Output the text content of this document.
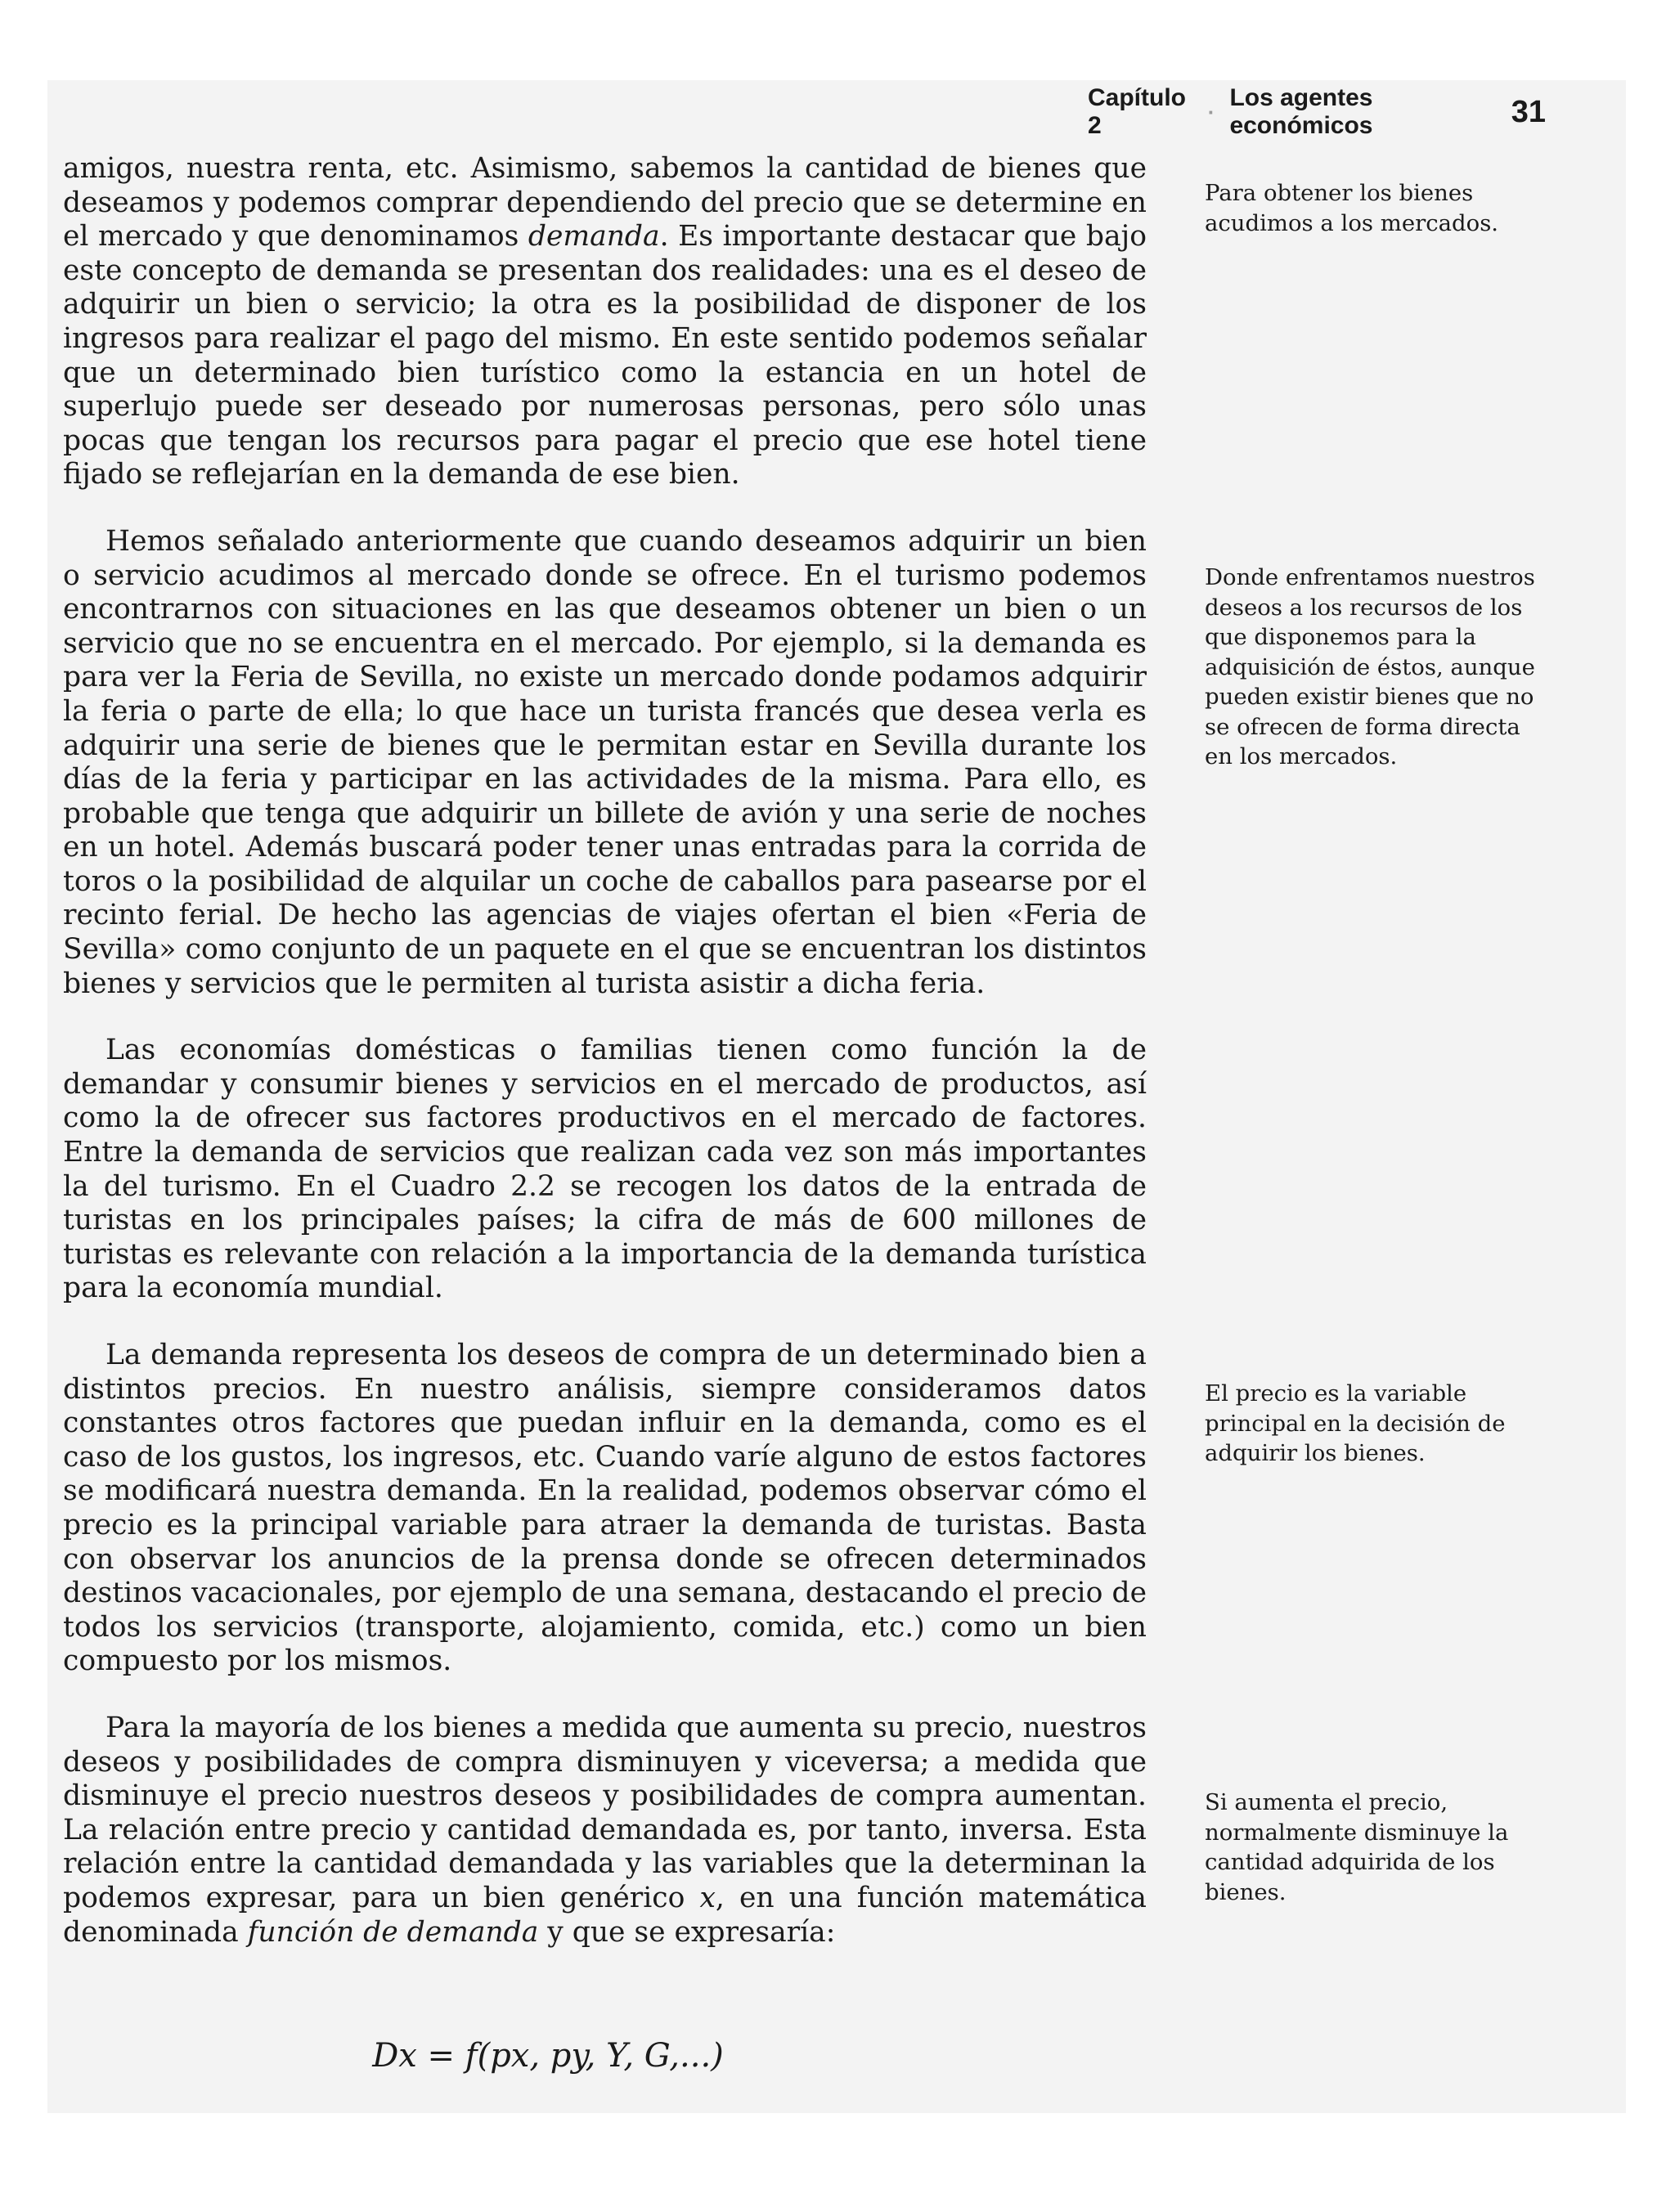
Capítulo 2
·
Los agentes económicos	31

amigos, nuestra renta, etc. Asimismo, sabemos la cantidad de bienes que deseamos y podemos comprar dependiendo del precio que se determine en el mercado y que denominamos demanda. Es importante destacar que bajo este concepto de demanda se presentan dos realidades: una es el deseo de adquirir un bien o servicio; la otra es la posibilidad de disponer de los ingresos para realizar el pago del mismo. En este sentido podemos señalar que un determinado bien turístico como la estancia en un hotel de superlujo puede ser deseado por numerosas personas, pero sólo unas pocas que tengan los recursos para pagar el precio que ese hotel tiene fijado se reflejarían en la demanda de ese bien.

Hemos señalado anteriormente que cuando deseamos adquirir un bien o servicio acudimos al mercado donde se ofrece. En el turismo podemos encontrarnos con situaciones en las que deseamos obtener un bien o un servicio que no se encuentra en el mercado. Por ejemplo, si la demanda es para ver la Feria de Sevilla, no existe un mercado donde podamos adquirir la feria o parte de ella; lo que hace un turista francés que desea verla es adquirir una serie de bienes que le permitan estar en Sevilla durante los días de la feria y participar en las actividades de la misma. Para ello, es probable que tenga que adquirir un billete de avión y una serie de noches en un hotel. Además buscará poder tener unas entradas para la corrida de toros o la posibilidad de alquilar un coche de caballos para pasearse por el recinto ferial. De hecho las agencias de viajes ofertan el bien «Feria de Sevilla» como conjunto de un paquete en el que se encuentran los distintos bienes y servicios que le permiten al turista asistir a dicha feria.

Las economías domésticas o familias tienen como función la de demandar y consumir bienes y servicios en el mercado de productos, así como la de ofrecer sus factores productivos en el mercado de factores. Entre la demanda de servicios que realizan cada vez son más importantes la del turismo. En el Cuadro 2.2 se recogen los datos de la entrada de turistas en los principales países; la cifra de más de 600 millones de turistas es relevante con relación a la importancia de la demanda turística para la economía mundial.

La demanda representa los deseos de compra de un determinado bien a distintos precios. En nuestro análisis, siempre consideramos datos constantes otros factores que puedan influir en la demanda, como es el caso de los gustos, los ingresos, etc. Cuando varíe alguno de estos factores se modificará nuestra demanda. En la realidad, podemos observar cómo el precio es la principal variable para atraer la demanda de turistas. Basta con observar los anuncios de la prensa donde se ofrecen determinados destinos vacacionales, por ejemplo de una semana, destacando el precio de todos los servicios (transporte, alojamiento, comida, etc.) como un bien compuesto por los mismos.

Para la mayoría de los bienes a medida que aumenta su precio, nuestros deseos y posibilidades de compra disminuyen y viceversa; a medida que disminuye el precio nuestros deseos y posibilidades de compra aumentan. La relación entre precio y cantidad demandada es, por tanto, inversa. Esta relación entre la cantidad demandada y las variables que la determinan la podemos expresar, para un bien genérico x, en una función matemática denominada función de demanda y que se expresaría:

Dx = f(px, py, Y, G,...)
Para obtener los bienes acudimos a los mercados.
Donde enfrentamos nuestros deseos a los recursos de los que disponemos para la adquisición de éstos, aunque pueden existir bienes que no se ofrecen de forma directa en los mercados.
El precio es la variable principal en la decisión de adquirir los bienes.
Si aumenta el precio, normalmente disminuye la cantidad adquirida de los bienes.
